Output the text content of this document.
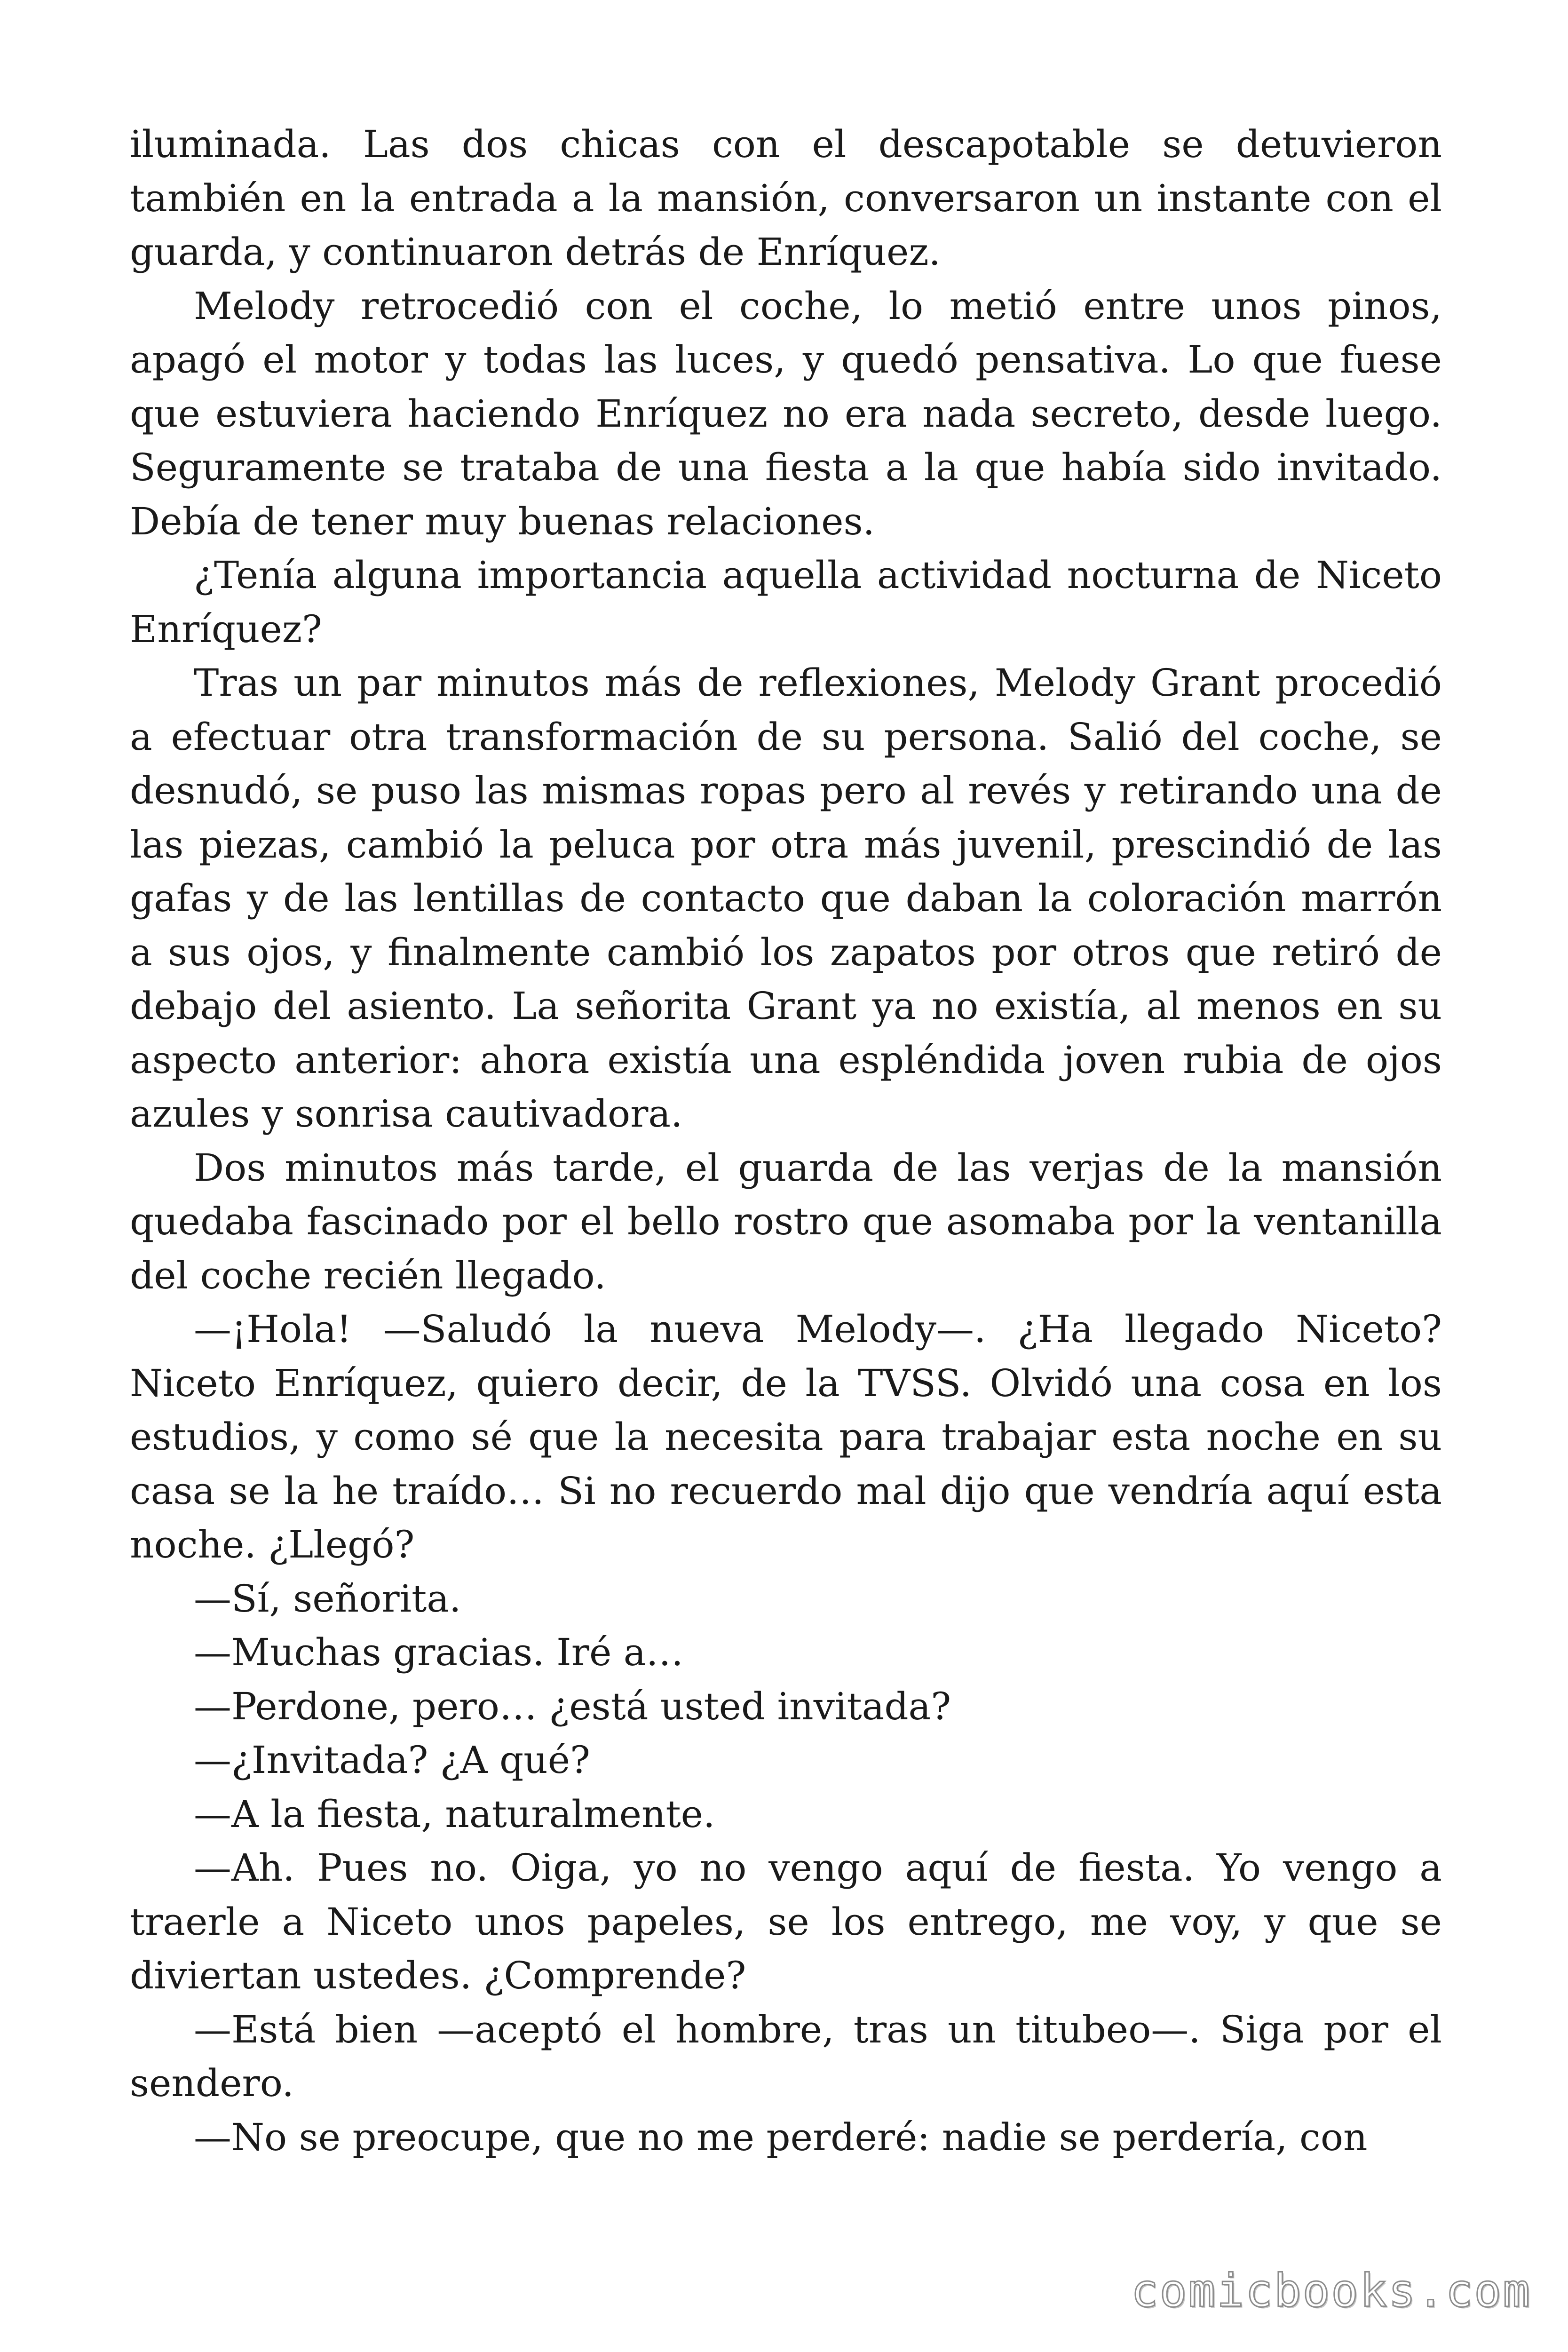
iluminada. Las dos chicas con el descapotable se detuvieron también en la entrada a la mansión, conversaron un instante con el guarda, y continuaron detrás de Enríquez.

Melody retrocedió con el coche, lo metió entre unos pinos, apagó el motor y todas las luces, y quedó pensativa. Lo que fuese que estuviera haciendo Enríquez no era nada secreto, desde luego. Seguramente se trataba de una fiesta a la que había sido invitado. Debía de tener muy buenas relaciones.

¿Tenía alguna importancia aquella actividad nocturna de Niceto Enríquez?

Tras un par minutos más de reflexiones, Melody Grant procedió a efectuar otra transformación de su persona. Salió del coche, se desnudó, se puso las mismas ropas pero al revés y retirando una de las piezas, cambió la peluca por otra más juvenil, prescindió de las gafas y de las lentillas de contacto que daban la coloración marrón a sus ojos, y finalmente cambió los zapatos por otros que retiró de debajo del asiento. La señorita Grant ya no existía, al menos en su aspecto anterior: ahora existía una espléndida joven rubia de ojos azules y sonrisa cautivadora.

Dos minutos más tarde, el guarda de las verjas de la mansión quedaba fascinado por el bello rostro que asomaba por la ventanilla del coche recién llegado.

—¡Hola! —Saludó la nueva Melody—. ¿Ha llegado Niceto? Niceto Enríquez, quiero decir, de la TVSS. Olvidó una cosa en los estudios, y como sé que la necesita para trabajar esta noche en su casa se la he traído… Si no recuerdo mal dijo que vendría aquí esta noche. ¿Llegó?

—Sí, señorita.

—Muchas gracias. Iré a…

—Perdone, pero… ¿está usted invitada?

—¿Invitada? ¿A qué?

—A la fiesta, naturalmente.

—Ah. Pues no. Oiga, yo no vengo aquí de fiesta. Yo vengo a traerle a Niceto unos papeles, se los entrego, me voy, y que se diviertan ustedes. ¿Comprende?

—Está bien —aceptó el hombre, tras un titubeo—. Siga por el sendero.

—No se preocupe, que no me perderé: nadie se perdería, con

comicbooks.com
